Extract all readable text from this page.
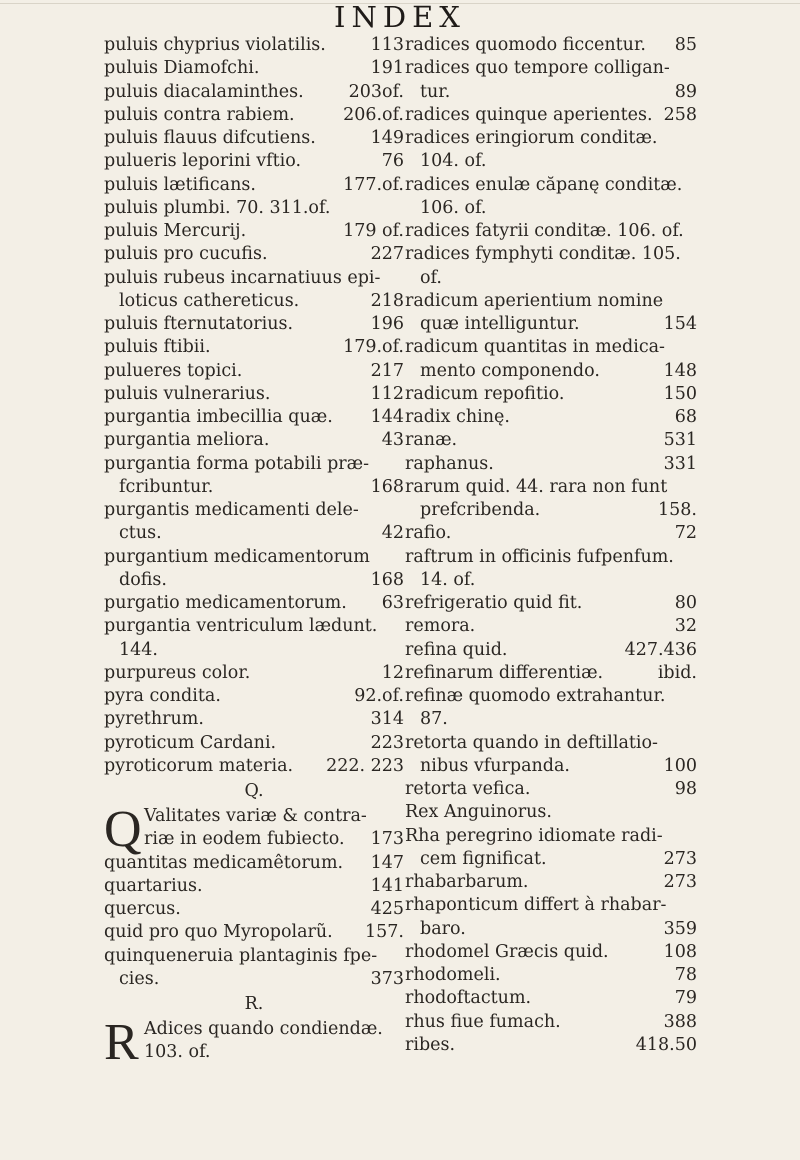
INDEX
puluis chyprius violatilis.	113
puluis Diamofchi.	191
puluis diacalaminthes.	203of.
puluis contra rabiem.	206.of.
puluis flauus difcutiens.	149
pulueris leporini vftio.	76
puluis lætificans.	177.of.
puluis plumbi. 70. 311.of.
puluis Mercurij.	179 of.
puluis pro cucufis.	227
puluis rubeus incarnatiuus epi-
loticus cathereticus.	218
puluis fternutatorius.	196
puluis ftibii.	179.of.
pulueres topici.	217
puluis vulnerarius.	112
purgantia imbecillia quæ. 144
purgantia meliora.	43
purgantia forma potabili præ-
fcribuntur.	168
purgantis medicamenti dele-
ctus.	42
purgantium medicamentorum
dofis.	168
purgatio medicamentorum. 63
purgantia ventriculum lædunt.
144.
purpureus color.	12
pyra condita.	92.of.
pyrethrum.	314
pyroticum Cardani.	223
pyroticorum materia. 222. 223
Q.
Q Valitates variæ & contra-
riæ in eodem fubiecto. 173
quantitas medicamêtorum. 147
quartarius.	141
quercus.	425
quid pro quo Myropolarũ. 157.
quinqueneruia plantaginis fpe-
cies.	373
R.
R Adices quando condiendæ.
103. of.
radices quomodo ficcentur. 85
radices quo tempore colligan-
tur.	89
radices quinque aperientes. 258
radices eringiorum conditæ.
104. of.
radices enulæ căpanę conditæ.
106. of.
radices fatyrii conditæ. 106. of.
radices fymphyti conditæ. 105.
of.
radicum aperientium nomine
quæ intelliguntur.	154
radicum quantitas in medica-
mento componendo.	148
radicum repofitio.	150
radix chinę.	68
ranæ.	531
raphanus.	331
rarum quid. 44. rara non funt
prefcribenda.	158.
rafio.	72
raftrum in officinis fufpenfum.
14. of.
refrigeratio quid fit.	80
remora.	32
refina quid.	427.436
refinarum differentiæ.	ibid.
refinæ quomodo extrahantur.
87.
retorta quando in deftillatio-
nibus vfurpanda.	100
retorta vefica.	98
Rex Anguinorus.
Rha peregrino idiomate radi-
cem fignificat.	273
rhabarbarum.	273
rhaponticum differt à rhabar-
baro.	359
rhodomel Græcis quid.	108
rhodomeli.	78
rhodoftactum.	79
rhus fiue fumach.	388
ribes.	418.50
